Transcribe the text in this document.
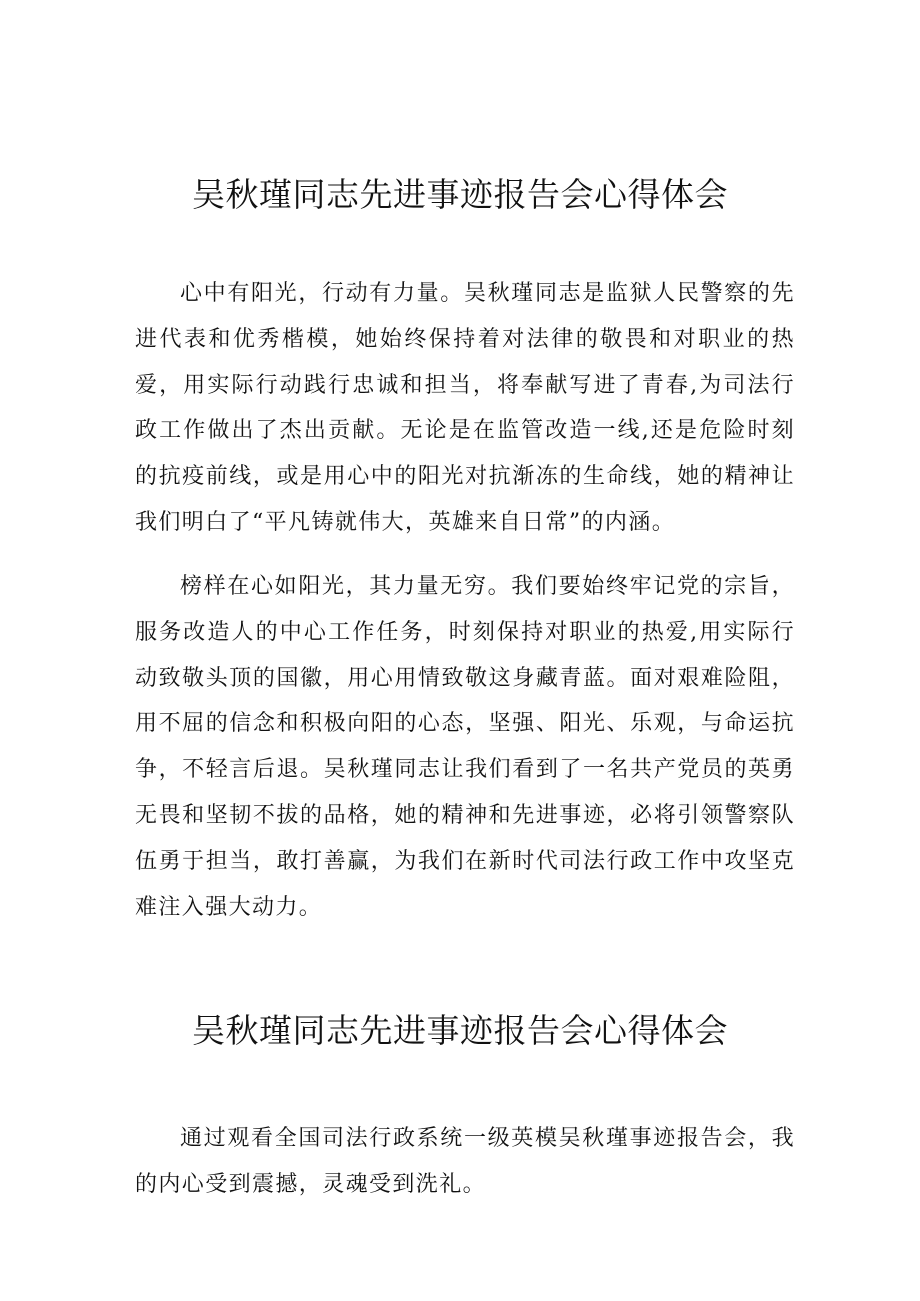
吴秋瑾同志先进事迹报告会心得体会

心中有阳光，行动有力量。吴秋瑾同志是监狱人民警察的先进代表和优秀楷模，她始终保持着对法律的敬畏和对职业的热爱，用实际行动践行忠诚和担当，将奉献写进了青春,为司法行政工作做出了杰出贡献。无论是在监管改造一线,还是危险时刻的抗疫前线，或是用心中的阳光对抗渐冻的生命线，她的精神让我们明白了“平凡铸就伟大，英雄来自日常”的内涵。

榜样在心如阳光，其力量无穷。我们要始终牢记党的宗旨，服务改造人的中心工作任务，时刻保持对职业的热爱,用实际行动致敬头顶的国徽，用心用情致敬这身藏青蓝。面对艰难险阻，用不屈的信念和积极向阳的心态，坚强、阳光、乐观，与命运抗争，不轻言后退。吴秋瑾同志让我们看到了一名共产党员的英勇无畏和坚韧不拔的品格，她的精神和先进事迹，必将引领警察队伍勇于担当，敢打善赢，为我们在新时代司法行政工作中攻坚克难注入强大动力。

吴秋瑾同志先进事迹报告会心得体会

通过观看全国司法行政系统一级英模吴秋瑾事迹报告会，我的内心受到震撼，灵魂受到洗礼。
